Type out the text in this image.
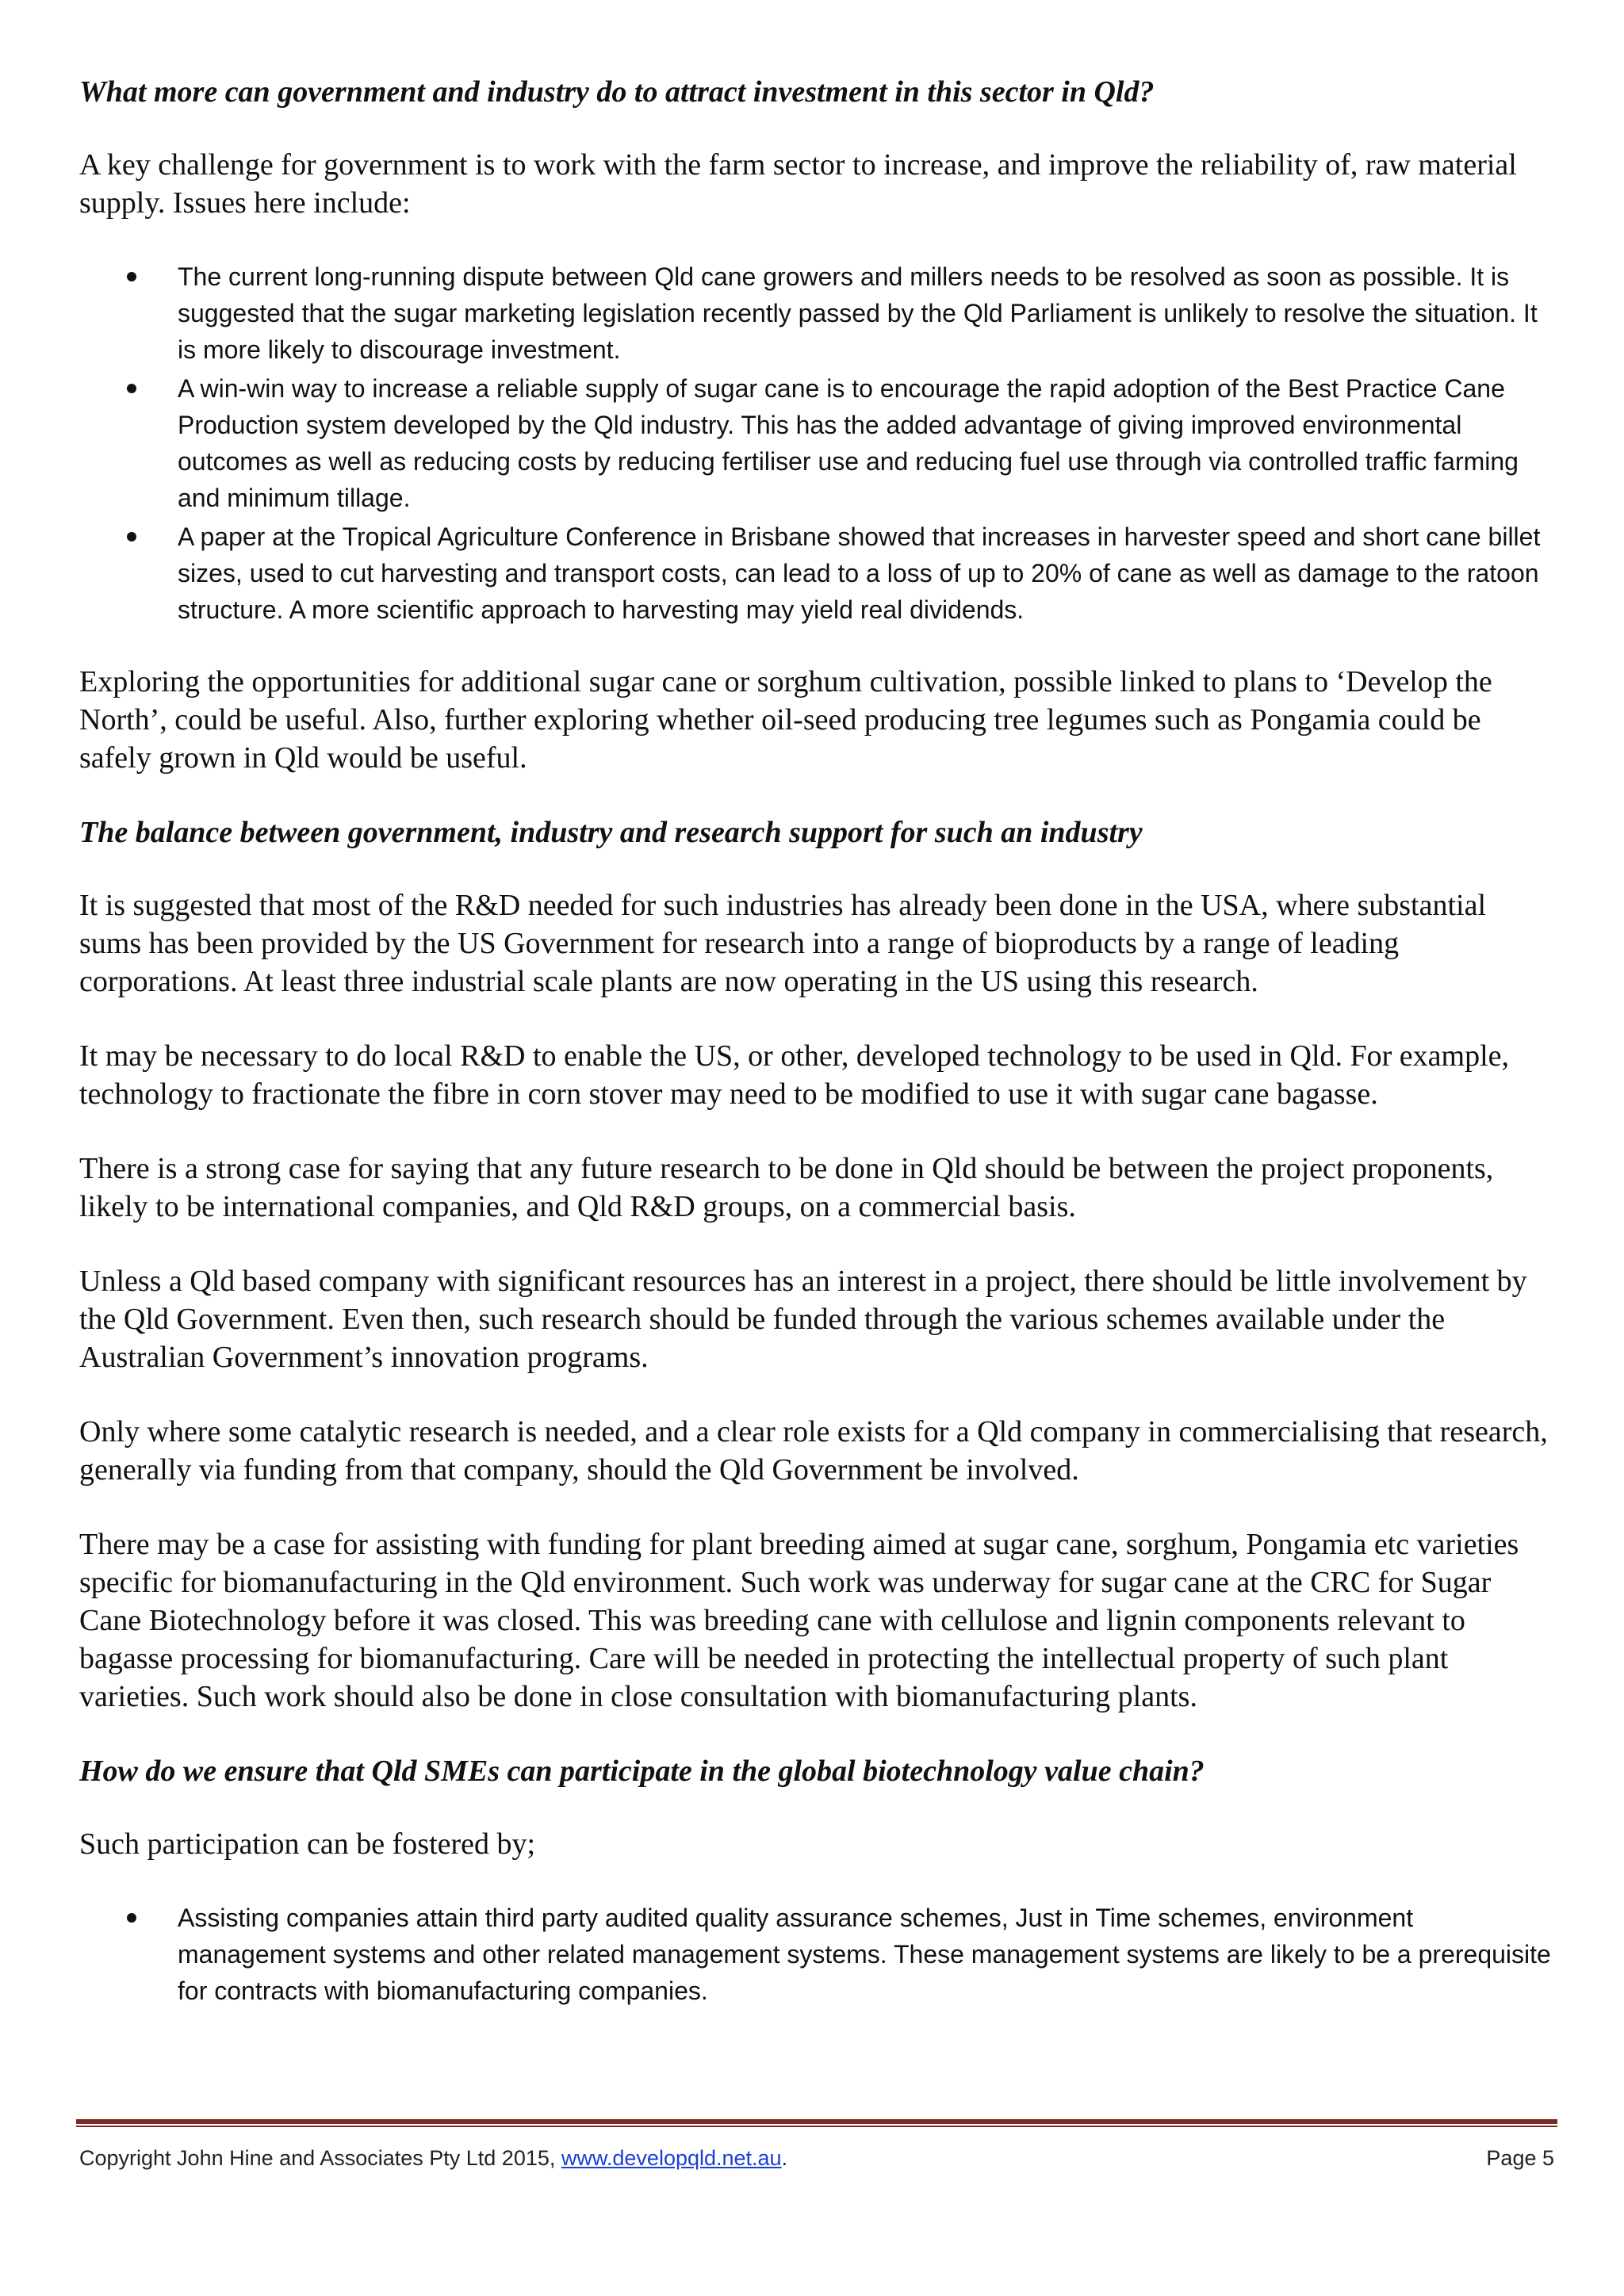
What more can government and industry do to attract investment in this sector in Qld?

A key challenge for government is to work with the farm sector to increase, and improve the reliability of, raw material supply. Issues here include:

The current long-running dispute between Qld cane growers and millers needs to be resolved as soon as possible. It is suggested that the sugar marketing legislation recently passed by the Qld Parliament is unlikely to resolve the situation. It is more likely to discourage investment.
A win-win way to increase a reliable supply of sugar cane is to encourage the rapid adoption of the Best Practice Cane Production system developed by the Qld industry. This has the added advantage of giving improved environmental outcomes as well as reducing costs by reducing fertiliser use and reducing fuel use through via controlled traffic farming and minimum tillage.
A paper at the Tropical Agriculture Conference in Brisbane showed that increases in harvester speed and short cane billet sizes, used to cut harvesting and transport costs, can lead to a loss of up to 20% of cane as well as damage to the ratoon structure. A more scientific approach to harvesting may yield real dividends.

Exploring the opportunities for additional sugar cane or sorghum cultivation, possible linked to plans to ‘Develop the North’, could be useful. Also, further exploring whether oil-seed producing tree legumes such as Pongamia could be safely grown in Qld would be useful.

The balance between government, industry and research support for such an industry

It is suggested that most of the R&D needed for such industries has already been done in the USA, where substantial sums has been provided by the US Government for research into a range of bioproducts by a range of leading corporations. At least three industrial scale plants are now operating in the US using this research.

It may be necessary to do local R&D to enable the US, or other, developed technology to be used in Qld. For example, technology to fractionate the fibre in corn stover may need to be modified to use it with sugar cane bagasse.

There is a strong case for saying that any future research to be done in Qld should be between the project proponents, likely to be international companies, and Qld R&D groups, on a commercial basis.

Unless a Qld based company with significant resources has an interest in a project, there should be little involvement by the Qld Government. Even then, such research should be funded through the various schemes available under the Australian Government’s innovation programs.

Only where some catalytic research is needed, and a clear role exists for a Qld company in commercialising that research, generally via funding from that company, should the Qld Government be involved.

There may be a case for assisting with funding for plant breeding aimed at sugar cane, sorghum, Pongamia etc varieties specific for biomanufacturing in the Qld environment. Such work was underway for sugar cane at the CRC for Sugar Cane Biotechnology before it was closed. This was breeding cane with cellulose and lignin components relevant to bagasse processing for biomanufacturing. Care will be needed in protecting the intellectual property of such plant varieties. Such work should also be done in close consultation with biomanufacturing plants.

How do we ensure that Qld SMEs can participate in the global biotechnology value chain?

Such participation can be fostered by;

Assisting companies attain third party audited quality assurance schemes, Just in Time schemes, environment management systems and other related management systems. These management systems are likely to be a prerequisite for contracts with biomanufacturing companies.
Copyright John Hine and Associates Pty Ltd 2015, www.developqld.net.au.	Page 5
